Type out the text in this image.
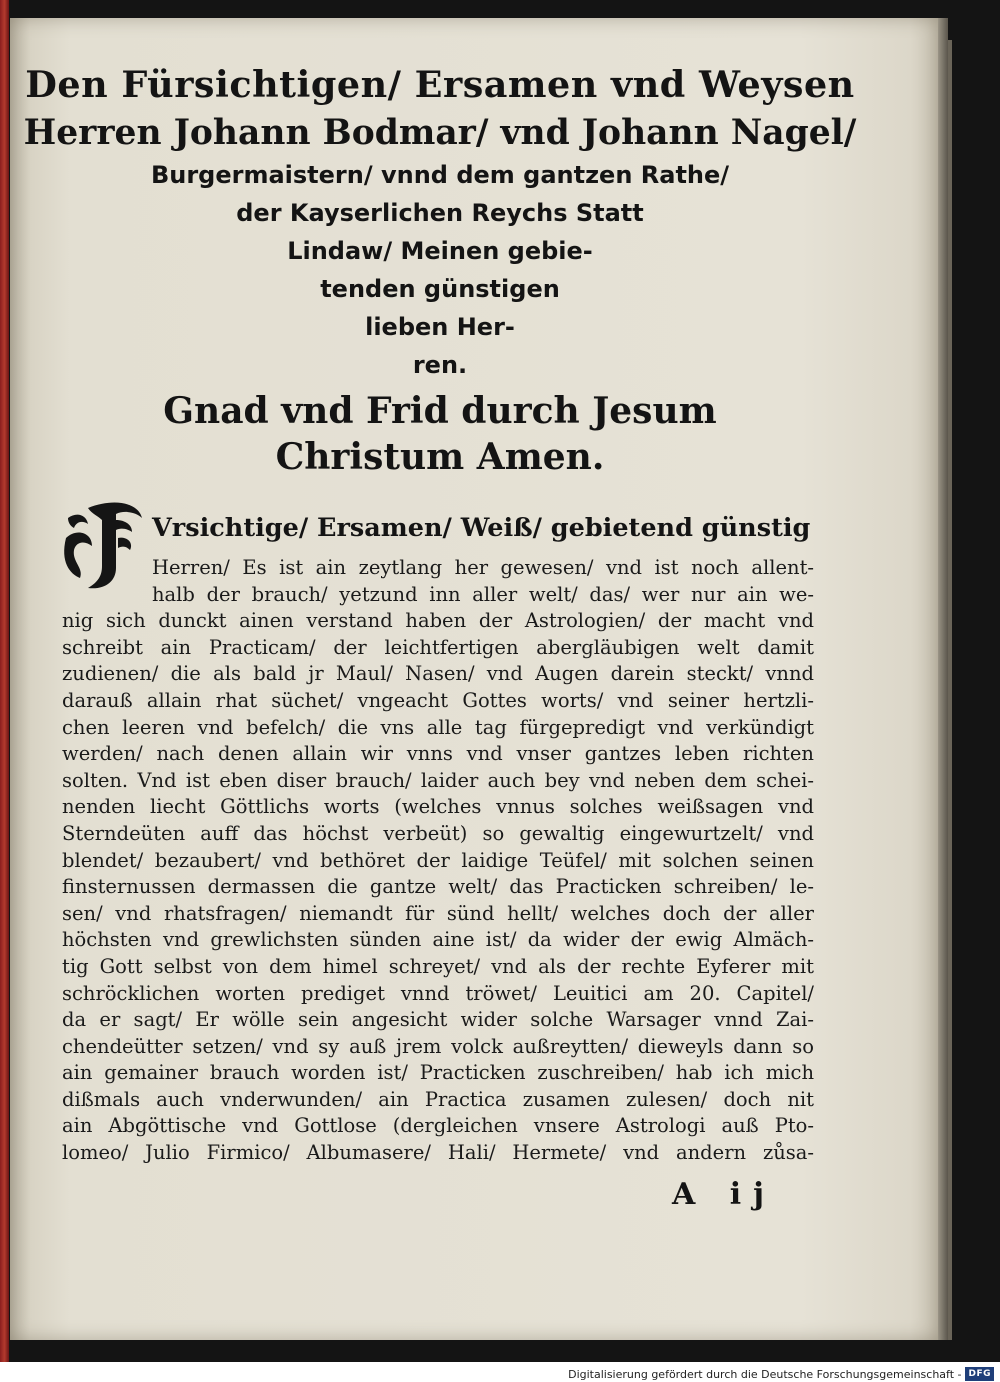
Den Fürsichtigen/ Ersamen vnd Weysen
Herren Johann Bodmar/ vnd Johann Nagel/
Burgermaistern/ vnnd dem gantzen Rathe/
der Kayserlichen Reychs Statt
Lindaw/ Meinen gebie-
tenden günstigen
lieben Her-
ren.
Gnad vnd Frid durch Jesum
Christum Amen.
Vrsichtige/ Ersamen/ Weiß/ gebietend günstig
Herren/ Es ist ain zeytlang her gewesen/ vnd ist noch allent-
halb der brauch/ yetzund inn aller welt/ das/ wer nur ain we-
nig sich dunckt ainen verstand haben der Astrologien/ der macht vnd
schreibt ain Practicam/ der leichtfertigen abergläubigen welt damit
zudienen/ die als bald jr Maul/ Nasen/ vnd Augen darein steckt/ vnnd
darauß allain rhat süchet/ vngeacht Gottes worts/ vnd seiner hertzli-
chen leeren vnd befelch/ die vns alle tag fürgepredigt vnd verkündigt
werden/ nach denen allain wir vnns vnd vnser gantzes leben richten
solten. Vnd ist eben diser brauch/ laider auch bey vnd neben dem schei-
nenden liecht Göttlichs worts (welches vnnus solches weißsagen vnd
Sterndeüten auff das höchst verbeüt) so gewaltig eingewurtzelt/ vnd
blendet/ bezaubert/ vnd bethöret der laidige Teüfel/ mit solchen seinen
finsternussen dermassen die gantze welt/ das Practicken schreiben/ le-
sen/ vnd rhatsfragen/ niemandt für sünd hellt/ welches doch der aller
höchsten vnd grewlichsten sünden aine ist/ da wider der ewig Almäch-
tig Gott selbst von dem himel schreyet/ vnd als der rechte Eyferer mit
schröcklichen worten prediget vnnd tröwet/ Leuitici am 20. Capitel/
da er sagt/ Er wölle sein angesicht wider solche Warsager vnnd Zai-
chendeütter setzen/ vnd sy auß jrem volck außreytten/ dieweyls dann so
ain gemainer brauch worden ist/ Practicken zuschreiben/ hab ich mich
dißmals auch vnderwunden/ ain Practica zusamen zulesen/ doch nit
ain Abgöttische vnd Gottlose (dergleichen vnsere Astrologi auß Pto-
lomeo/ Julio Firmico/ Albumasere/ Hali/ Hermete/ vnd andern zůsa-
A ij
Digitalisierung gefördert durch die Deutsche Forschungsgemeinschaft - DFG
